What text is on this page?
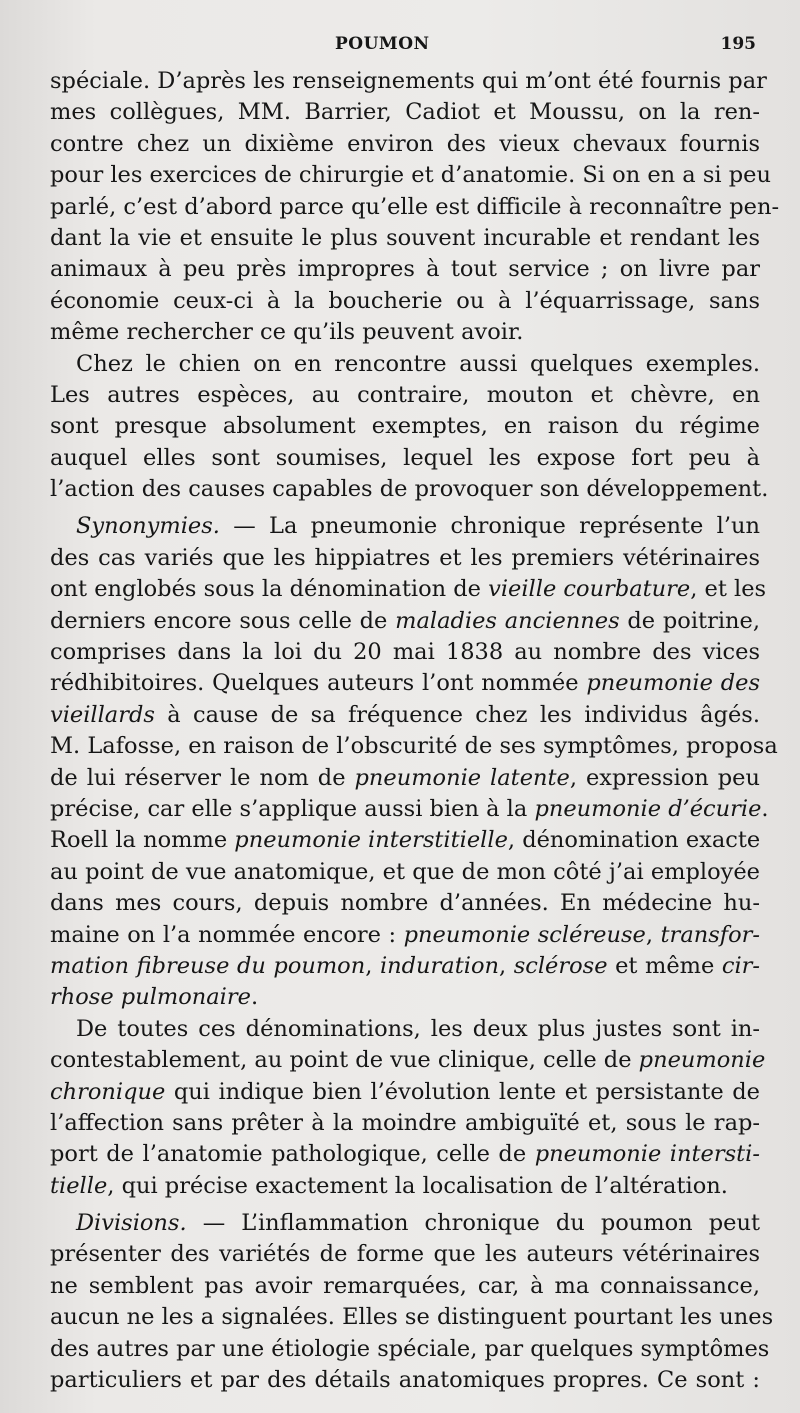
POUMON	195
spéciale. D’après les renseignements qui m’ont été fournis par
mes collègues, MM. Barrier, Cadiot et Moussu, on la ren-
contre chez un dixième environ des vieux chevaux fournis
pour les exercices de chirurgie et d’anatomie. Si on en a si peu
parlé, c’est d’abord parce qu’elle est difficile à reconnaître pen-
dant la vie et ensuite le plus souvent incurable et rendant les
animaux à peu près impropres à tout service ; on livre par
économie ceux-ci à la boucherie ou à l’équarrissage, sans
même rechercher ce qu’ils peuvent avoir.
Chez le chien on en rencontre aussi quelques exemples.
Les autres espèces, au contraire, mouton et chèvre, en
sont presque absolument exemptes, en raison du régime
auquel elles sont soumises, lequel les expose fort peu à
l’action des causes capables de provoquer son développement.
Synonymies. — La pneumonie chronique représente l’un
des cas variés que les hippiatres et les premiers vétérinaires
ont englobés sous la dénomination de vieille courbature, et les
derniers encore sous celle de maladies anciennes de poitrine,
comprises dans la loi du 20 mai 1838 au nombre des vices
rédhibitoires. Quelques auteurs l’ont nommée pneumonie des
vieillards à cause de sa fréquence chez les individus âgés.
M. Lafosse, en raison de l’obscurité de ses symptômes, proposa
de lui réserver le nom de pneumonie latente, expression peu
précise, car elle s’applique aussi bien à la pneumonie d’écurie.
Roell la nomme pneumonie interstitielle, dénomination exacte
au point de vue anatomique, et que de mon côté j’ai employée
dans mes cours, depuis nombre d’années. En médecine hu-
maine on l’a nommée encore : pneumonie scléreuse, transfor-
mation fibreuse du poumon, induration, sclérose et même cir-
rhose pulmonaire.
De toutes ces dénominations, les deux plus justes sont in-
contestablement, au point de vue clinique, celle de pneumonie
chronique qui indique bien l’évolution lente et persistante de
l’affection sans prêter à la moindre ambiguïté et, sous le rap-
port de l’anatomie pathologique, celle de pneumonie intersti-
tielle, qui précise exactement la localisation de l’altération.
Divisions. — L’inflammation chronique du poumon peut
présenter des variétés de forme que les auteurs vétérinaires
ne semblent pas avoir remarquées, car, à ma connaissance,
aucun ne les a signalées. Elles se distinguent pourtant les unes
des autres par une étiologie spéciale, par quelques symptômes
particuliers et par des détails anatomiques propres. Ce sont :
